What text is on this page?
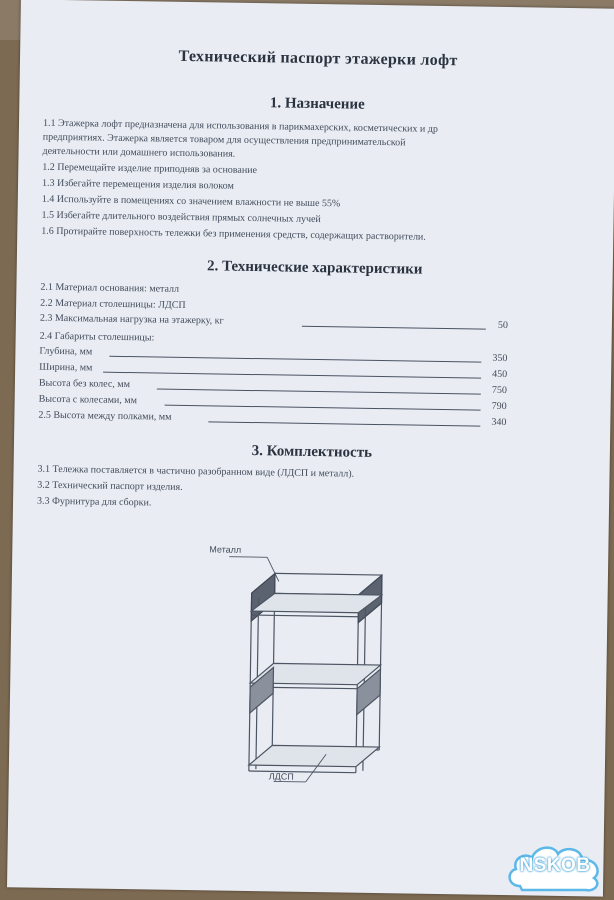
Технический паспорт этажерки лофт
1. Назначение
1.1 Этажерка лофт предназначена для использования в парикмахерских, косметических и др
предприятиях. Этажерка является товаром для осуществления предпринимательской
деятельности или домашнего использования.
1.2 Перемещайте изделие приподняв за основание
1.3 Избегайте перемещения изделия волоком
1.4 Используйте в помещениях со значением влажности не выше 55%
1.5 Избегайте длительного воздействия прямых солнечных лучей
1.6 Протирайте поверхность тележки без применения средств, содержащих растворители.
2. Технические характеристики
2.1 Материал основания: металл
2.2 Материал столешницы: ЛДСП
2.3 Максимальная нагрузка на этажерку, кг	50
2.4 Габариты столешницы:
Глубина, мм
350
Ширина, мм
450
Высота без колес, мм
750
Высота с колесами, мм
790
2.5 Высота между полками, мм	340
3. Комплектность
3.1 Тележка поставляется в частично разобранном виде (ЛДСП и металл).
3.2 Технический паспорт изделия.
3.3 Фурнитура для сборки.
Металл
ЛДСП
NSKOB
